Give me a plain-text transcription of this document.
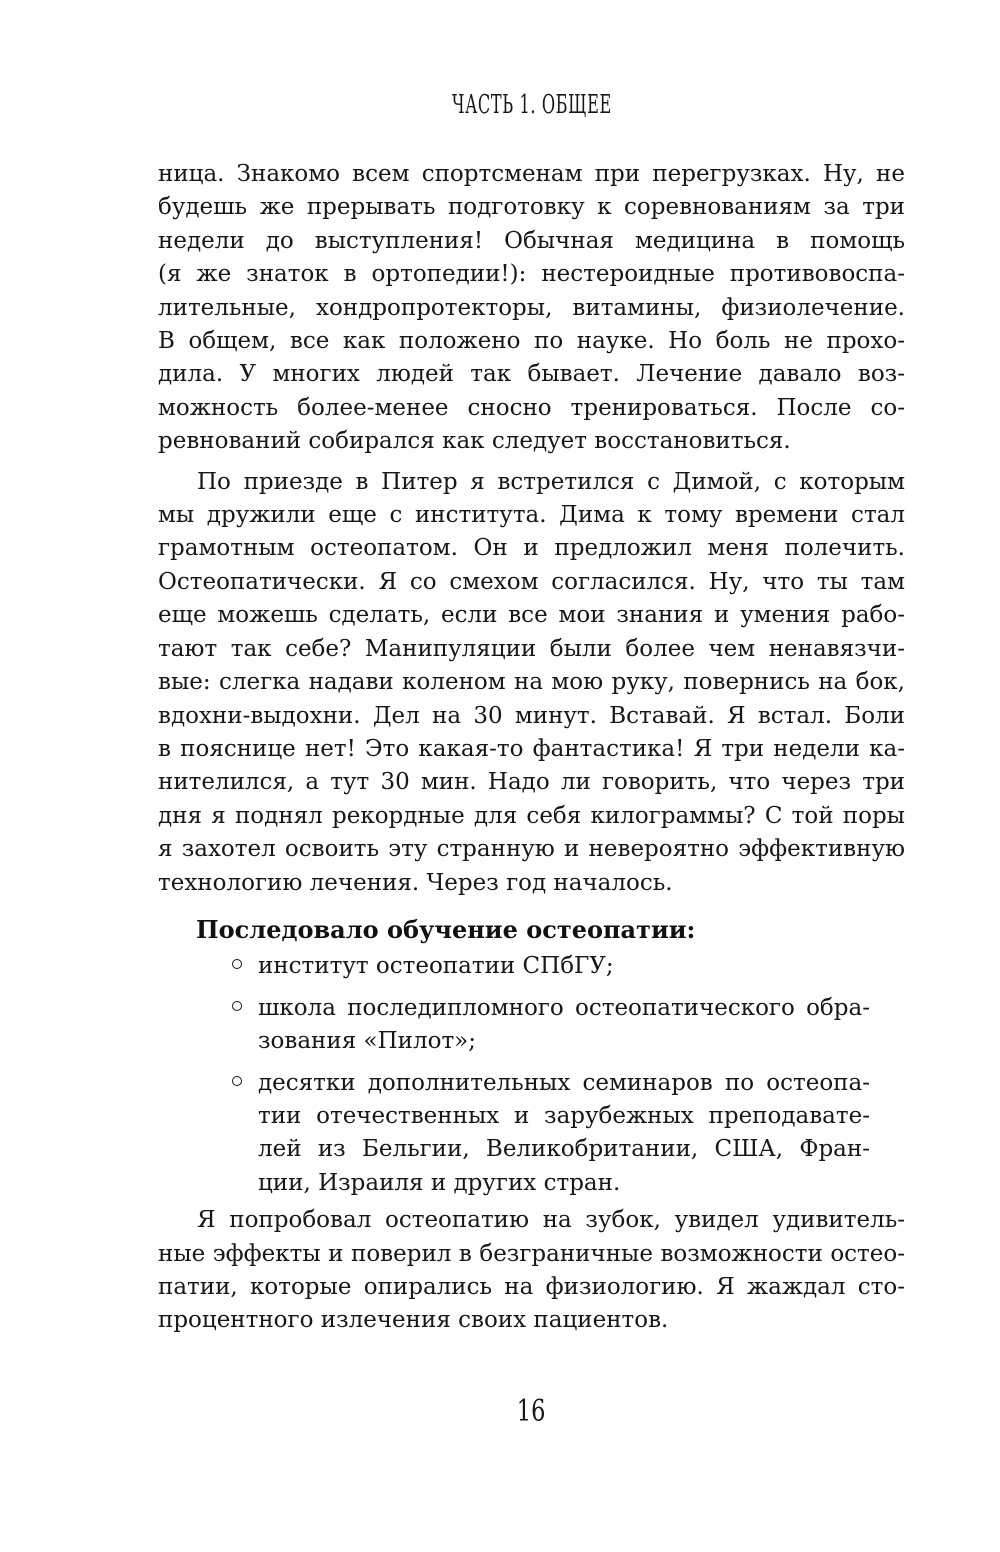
ЧАСТЬ 1. ОБЩЕЕ
ница. Знакомо всем спортсменам при перегрузках. Ну, не
будешь же прерывать подготовку к соревнованиям за три
недели до выступления! Обычная медицина в помощь
(я же знаток в ортопедии!): нестероидные противовоспа-
лительные, хондропротекторы, витамины, физиолечение.
В общем, все как положено по науке. Но боль не прохо-
дила. У многих людей так бывает. Лечение давало воз-
можность более-менее сносно тренироваться. После со-
ревнований собирался как следует восстановиться.
По приезде в Питер я встретился с Димой, с которым
мы дружили еще с института. Дима к тому времени стал
грамотным остеопатом. Он и предложил меня полечить.
Остеопатически. Я со смехом согласился. Ну, что ты там
еще можешь сделать, если все мои знания и умения рабо-
тают так себе? Манипуляции были более чем ненавязчи-
вые: слегка надави коленом на мою руку, повернись на бок,
вдохни-выдохни. Дел на 30 минут. Вставай. Я встал. Боли
в пояснице нет! Это какая-то фантастика! Я три недели ка-
нителился, а тут 30 мин. Надо ли говорить, что через три
дня я поднял рекордные для себя килограммы? С той поры
я захотел освоить эту странную и невероятно эффективную
технологию лечения. Через год началось.
Последовало обучение остеопатии:
институт остеопатии СПбГУ;
школа последипломного остеопатического обра-
зования «Пилот»;
десятки дополнительных семинаров по остеопа-
тии отечественных и зарубежных преподавате-
лей из Бельгии, Великобритании, США, Фран-
ции, Израиля и других стран.
Я попробовал остеопатию на зубок, увидел удивитель-
ные эффекты и поверил в безграничные возможности остео-
патии, которые опирались на физиологию. Я жаждал сто-
процентного излечения своих пациентов.
16
